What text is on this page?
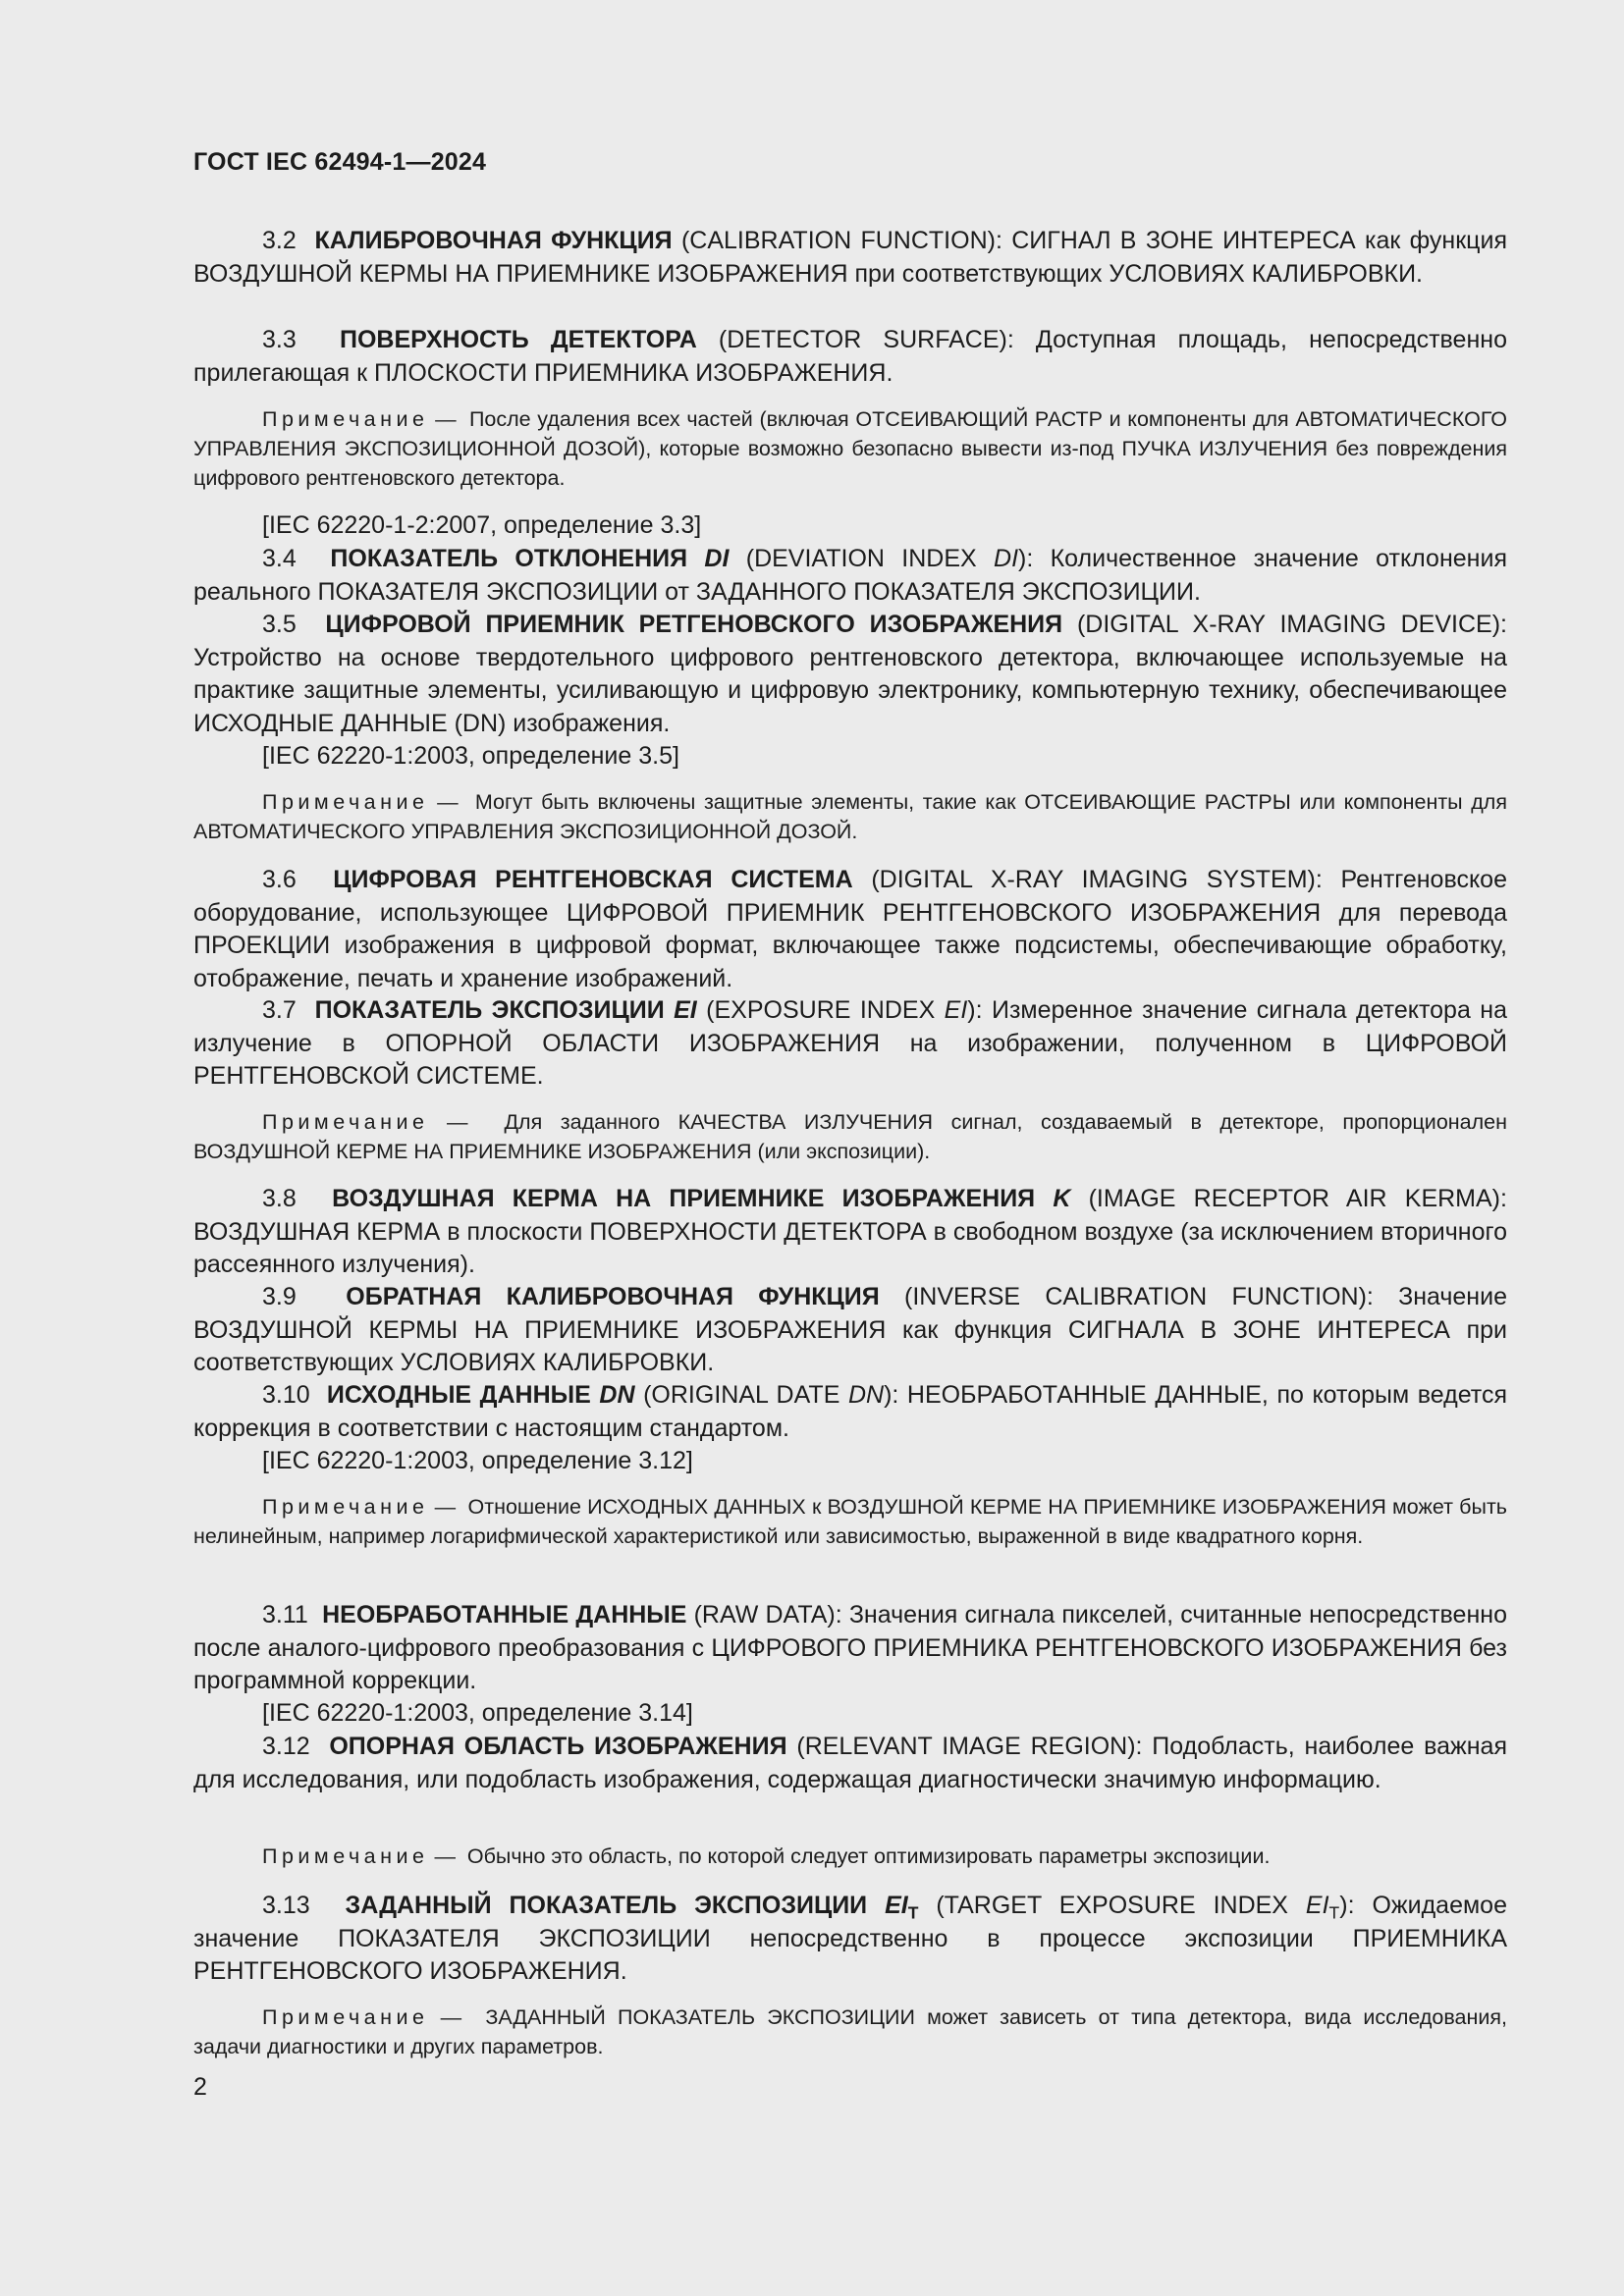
ГОСТ IEC 62494-1—2024

3.2 КАЛИБРОВОЧНАЯ ФУНКЦИЯ (CALIBRATION FUNCTION): СИГНАЛ В ЗОНЕ ИНТЕРЕСА как функция ВОЗДУШНОЙ КЕРМЫ НА ПРИЕМНИКЕ ИЗОБРАЖЕНИЯ при соответствующих УСЛОВИЯХ КАЛИБРОВКИ.

3.3 ПОВЕРХНОСТЬ ДЕТЕКТОРА (DETECTOR SURFACE): Доступная площадь, непосредственно прилегающая к ПЛОСКОСТИ ПРИЕМНИКА ИЗОБРАЖЕНИЯ.

Примечание — После удаления всех частей (включая ОТСЕИВАЮЩИЙ РАСТР и компоненты для АВТОМАТИЧЕСКОГО УПРАВЛЕНИЯ ЭКСПОЗИЦИОННОЙ ДОЗОЙ), которые возможно безопасно вывести из-под ПУЧКА ИЗЛУЧЕНИЯ без повреждения цифрового рентгеновского детектора.

[IEC 62220-1-2:2007, определение 3.3]

3.4 ПОКАЗАТЕЛЬ ОТКЛОНЕНИЯ DI (DEVIATION INDEX DI): Количественное значение отклонения реального ПОКАЗАТЕЛЯ ЭКСПОЗИЦИИ от ЗАДАННОГО ПОКАЗАТЕЛЯ ЭКСПОЗИЦИИ.

3.5 ЦИФРОВОЙ ПРИЕМНИК РЕТГЕНОВСКОГО ИЗОБРАЖЕНИЯ (DIGITAL X-RAY IMAGING DEVICE): Устройство на основе твердотельного цифрового рентгеновского детектора, включающее используемые на практике защитные элементы, усиливающую и цифровую электронику, компьютерную технику, обеспечивающее ИСХОДНЫЕ ДАННЫЕ (DN) изображения.

[IEC 62220-1:2003, определение 3.5]

Примечание — Могут быть включены защитные элементы, такие как ОТСЕИВАЮЩИЕ РАСТРЫ или компоненты для АВТОМАТИЧЕСКОГО УПРАВЛЕНИЯ ЭКСПОЗИЦИОННОЙ ДОЗОЙ.

3.6 ЦИФРОВАЯ РЕНТГЕНОВСКАЯ СИСТЕМА (DIGITAL X-RAY IMAGING SYSTEM): Рентгеновское оборудование, использующее ЦИФРОВОЙ ПРИЕМНИК РЕНТГЕНОВСКОГО ИЗОБРАЖЕНИЯ для перевода ПРОЕКЦИИ изображения в цифровой формат, включающее также подсистемы, обеспечивающие обработку, отображение, печать и хранение изображений.

3.7 ПОКАЗАТЕЛЬ ЭКСПОЗИЦИИ EI (EXPOSURE INDEX EI): Измеренное значение сигнала детектора на излучение в ОПОРНОЙ ОБЛАСТИ ИЗОБРАЖЕНИЯ на изображении, полученном в ЦИФРОВОЙ РЕНТГЕНОВСКОЙ СИСТЕМЕ.

Примечание — Для заданного КАЧЕСТВА ИЗЛУЧЕНИЯ сигнал, создаваемый в детекторе, пропорционален ВОЗДУШНОЙ КЕРМЕ НА ПРИЕМНИКЕ ИЗОБРАЖЕНИЯ (или экспозиции).

3.8 ВОЗДУШНАЯ КЕРМА НА ПРИЕМНИКЕ ИЗОБРАЖЕНИЯ K (IMAGE RECEPTOR AIR KERMA): ВОЗДУШНАЯ КЕРМА в плоскости ПОВЕРХНОСТИ ДЕТЕКТОРА в свободном воздухе (за исключением вторичного рассеянного излучения).

3.9 ОБРАТНАЯ КАЛИБРОВОЧНАЯ ФУНКЦИЯ (INVERSE CALIBRATION FUNCTION): Значение ВОЗДУШНОЙ КЕРМЫ НА ПРИЕМНИКЕ ИЗОБРАЖЕНИЯ как функция СИГНАЛА В ЗОНЕ ИНТЕРЕСА при соответствующих УСЛОВИЯХ КАЛИБРОВКИ.

3.10 ИСХОДНЫЕ ДАННЫЕ DN (ORIGINAL DATE DN): НЕОБРАБОТАННЫЕ ДАННЫЕ, по которым ведется коррекция в соответствии с настоящим стандартом.

[IEC 62220-1:2003, определение 3.12]

Примечание — Отношение ИСХОДНЫХ ДАННЫХ к ВОЗДУШНОЙ КЕРМЕ НА ПРИЕМНИКЕ ИЗОБРАЖЕНИЯ может быть нелинейным, например логарифмической характеристикой или зависимостью, выраженной в виде квадратного корня.

3.11 НЕОБРАБОТАННЫЕ ДАННЫЕ (RAW DATA): Значения сигнала пикселей, считанные непосредственно после аналого-цифрового преобразования с ЦИФРОВОГО ПРИЕМНИКА РЕНТГЕНОВСКОГО ИЗОБРАЖЕНИЯ без программной коррекции.

[IEC 62220-1:2003, определение 3.14]

3.12 ОПОРНАЯ ОБЛАСТЬ ИЗОБРАЖЕНИЯ (RELEVANT IMAGE REGION): Подобласть, наиболее важная для исследования, или подобласть изображения, содержащая диагностически значимую информацию.

Примечание — Обычно это область, по которой следует оптимизировать параметры экспозиции.

3.13 ЗАДАННЫЙ ПОКАЗАТЕЛЬ ЭКСПОЗИЦИИ $EI_T$ (TARGET EXPOSURE INDEX $EI_T$): Ожидаемое значение ПОКАЗАТЕЛЯ ЭКСПОЗИЦИИ непосредственно в процессе экспозиции ПРИЕМНИКА РЕНТГЕНОВСКОГО ИЗОБРАЖЕНИЯ.

Примечание — ЗАДАННЫЙ ПОКАЗАТЕЛЬ ЭКСПОЗИЦИИ может зависеть от типа детектора, вида исследования, задачи диагностики и других параметров.

2
